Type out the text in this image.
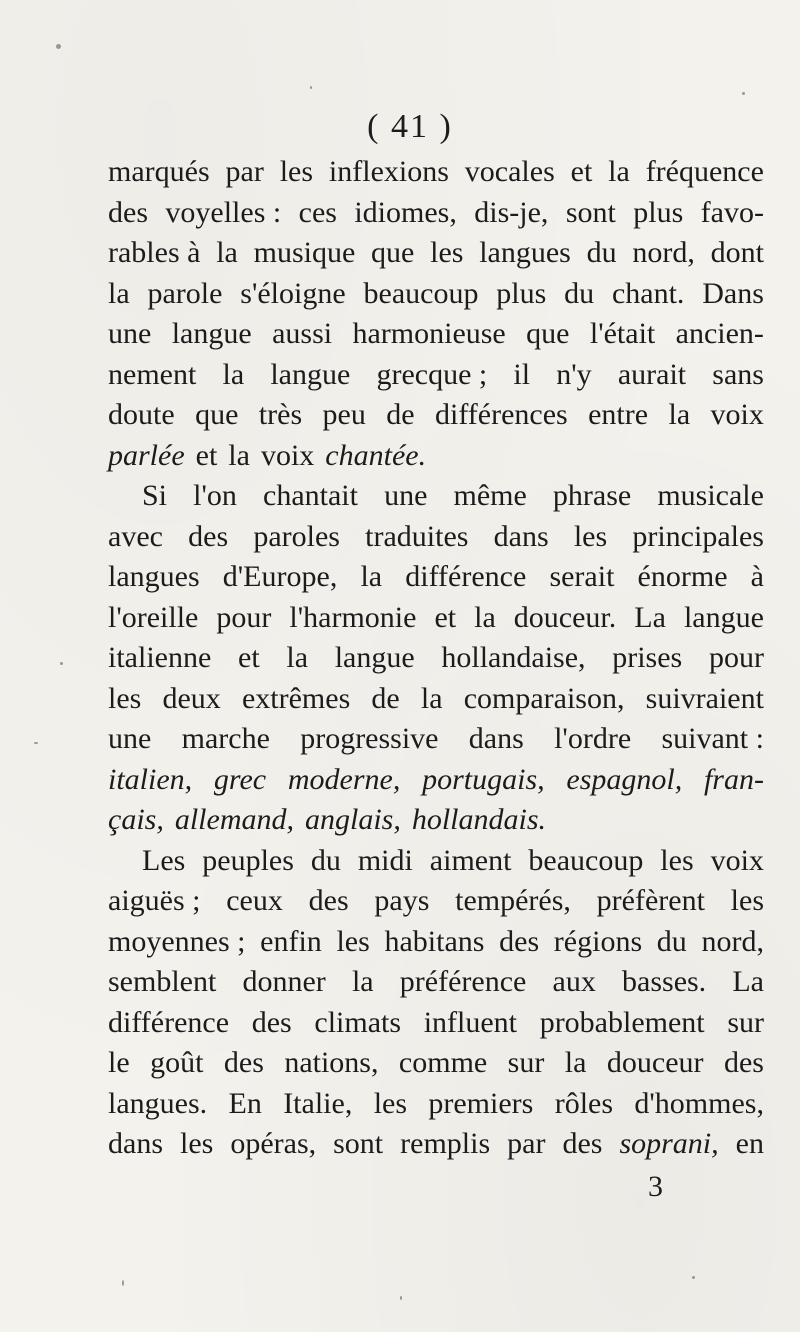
( 41 )
marqués par les inflexions vocales et la fréquence
des voyelles : ces idiomes, dis-je, sont plus favo-
rables à la musique que les langues du nord, dont
la parole s'éloigne beaucoup plus du chant. Dans
une langue aussi harmonieuse que l'était ancien-
nement la langue grecque ; il n'y aurait sans
doute que très peu de différences entre la voix
parlée et la voix chantée.
Si l'on chantait une même phrase musicale
avec des paroles traduites dans les principales
langues d'Europe, la différence serait énorme à
l'oreille pour l'harmonie et la douceur. La langue
italienne et la langue hollandaise, prises pour
les deux extrêmes de la comparaison, suivraient
une marche progressive dans l'ordre suivant :
italien, grec moderne, portugais, espagnol, fran-
çais, allemand, anglais, hollandais.
Les peuples du midi aiment beaucoup les voix
aiguës ; ceux des pays tempérés, préfèrent les
moyennes ; enfin les habitans des régions du nord,
semblent donner la préférence aux basses. La
différence des climats influent probablement sur
le goût des nations, comme sur la douceur des
langues. En Italie, les premiers rôles d'hommes,
dans les opéras, sont remplis par des soprani, en
3
